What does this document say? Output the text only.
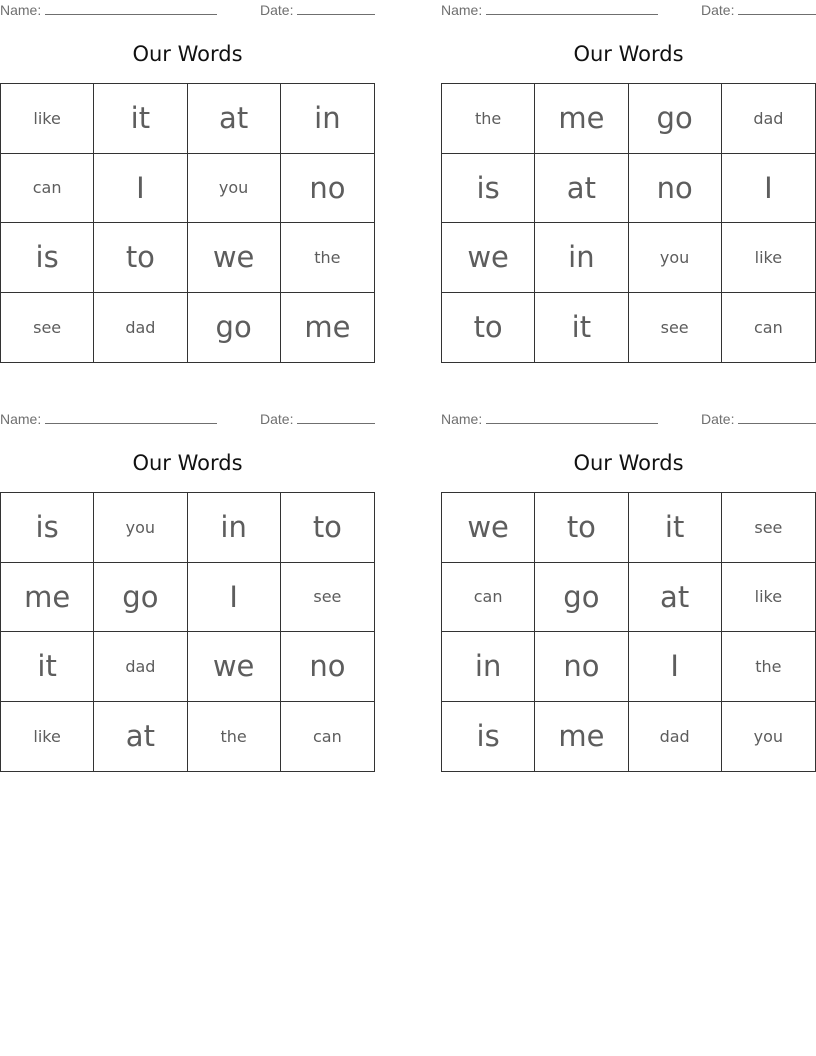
Name:	Date:
Our Words
like it at in
can	I	you no
is to we	the
see	dad go me
Name:	Date:
Our Words
the me go	dad
is at no I
we in	you	like
to it	see	can
Name:	Date:
Our Words
is	you in to
me go I	see
it	dad we no
like at	the	can
Name:	Date:
Our Words
we to it	see
can go at	like
in no I	the
is me	dad	you
